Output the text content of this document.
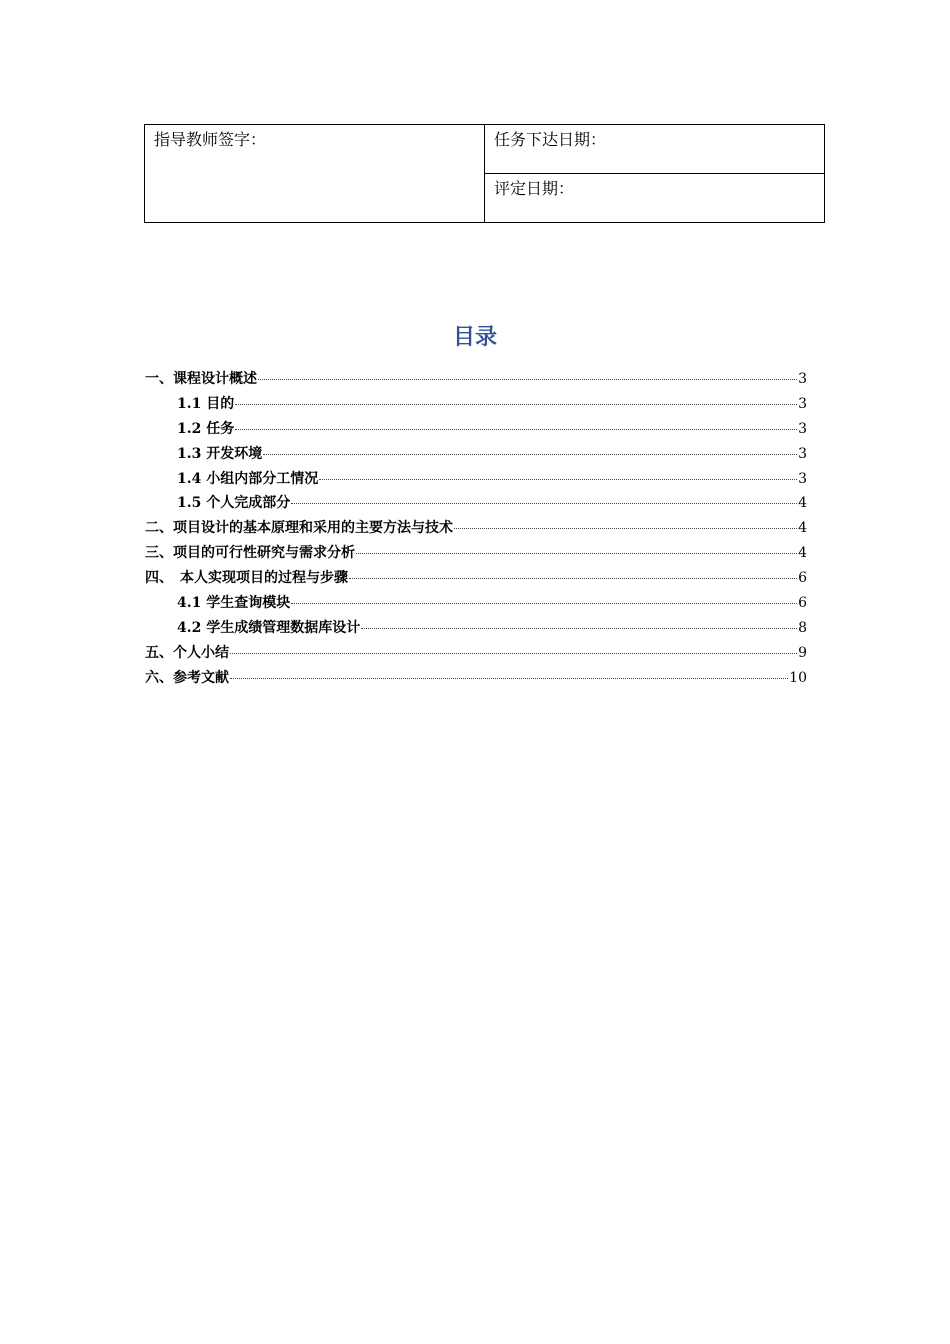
指导教师签字：	任务下达日期：

评定日期：
目录
一、课程设计概述	3
1.1 目的	3
1.2 任务	3
1.3 开发环境	3
1.4 小组内部分工情况	3
1.5 个人完成部分	4
二、项目设计的基本原理和采用的主要方法与技术	4
三、项目的可行性研究与需求分析	4
四、　本人实现项目的过程与步骤	6
4.1 学生查询模块	6
4.2 学生成绩管理数据库设计	8
五、个人小结	9
六、参考文献	10
